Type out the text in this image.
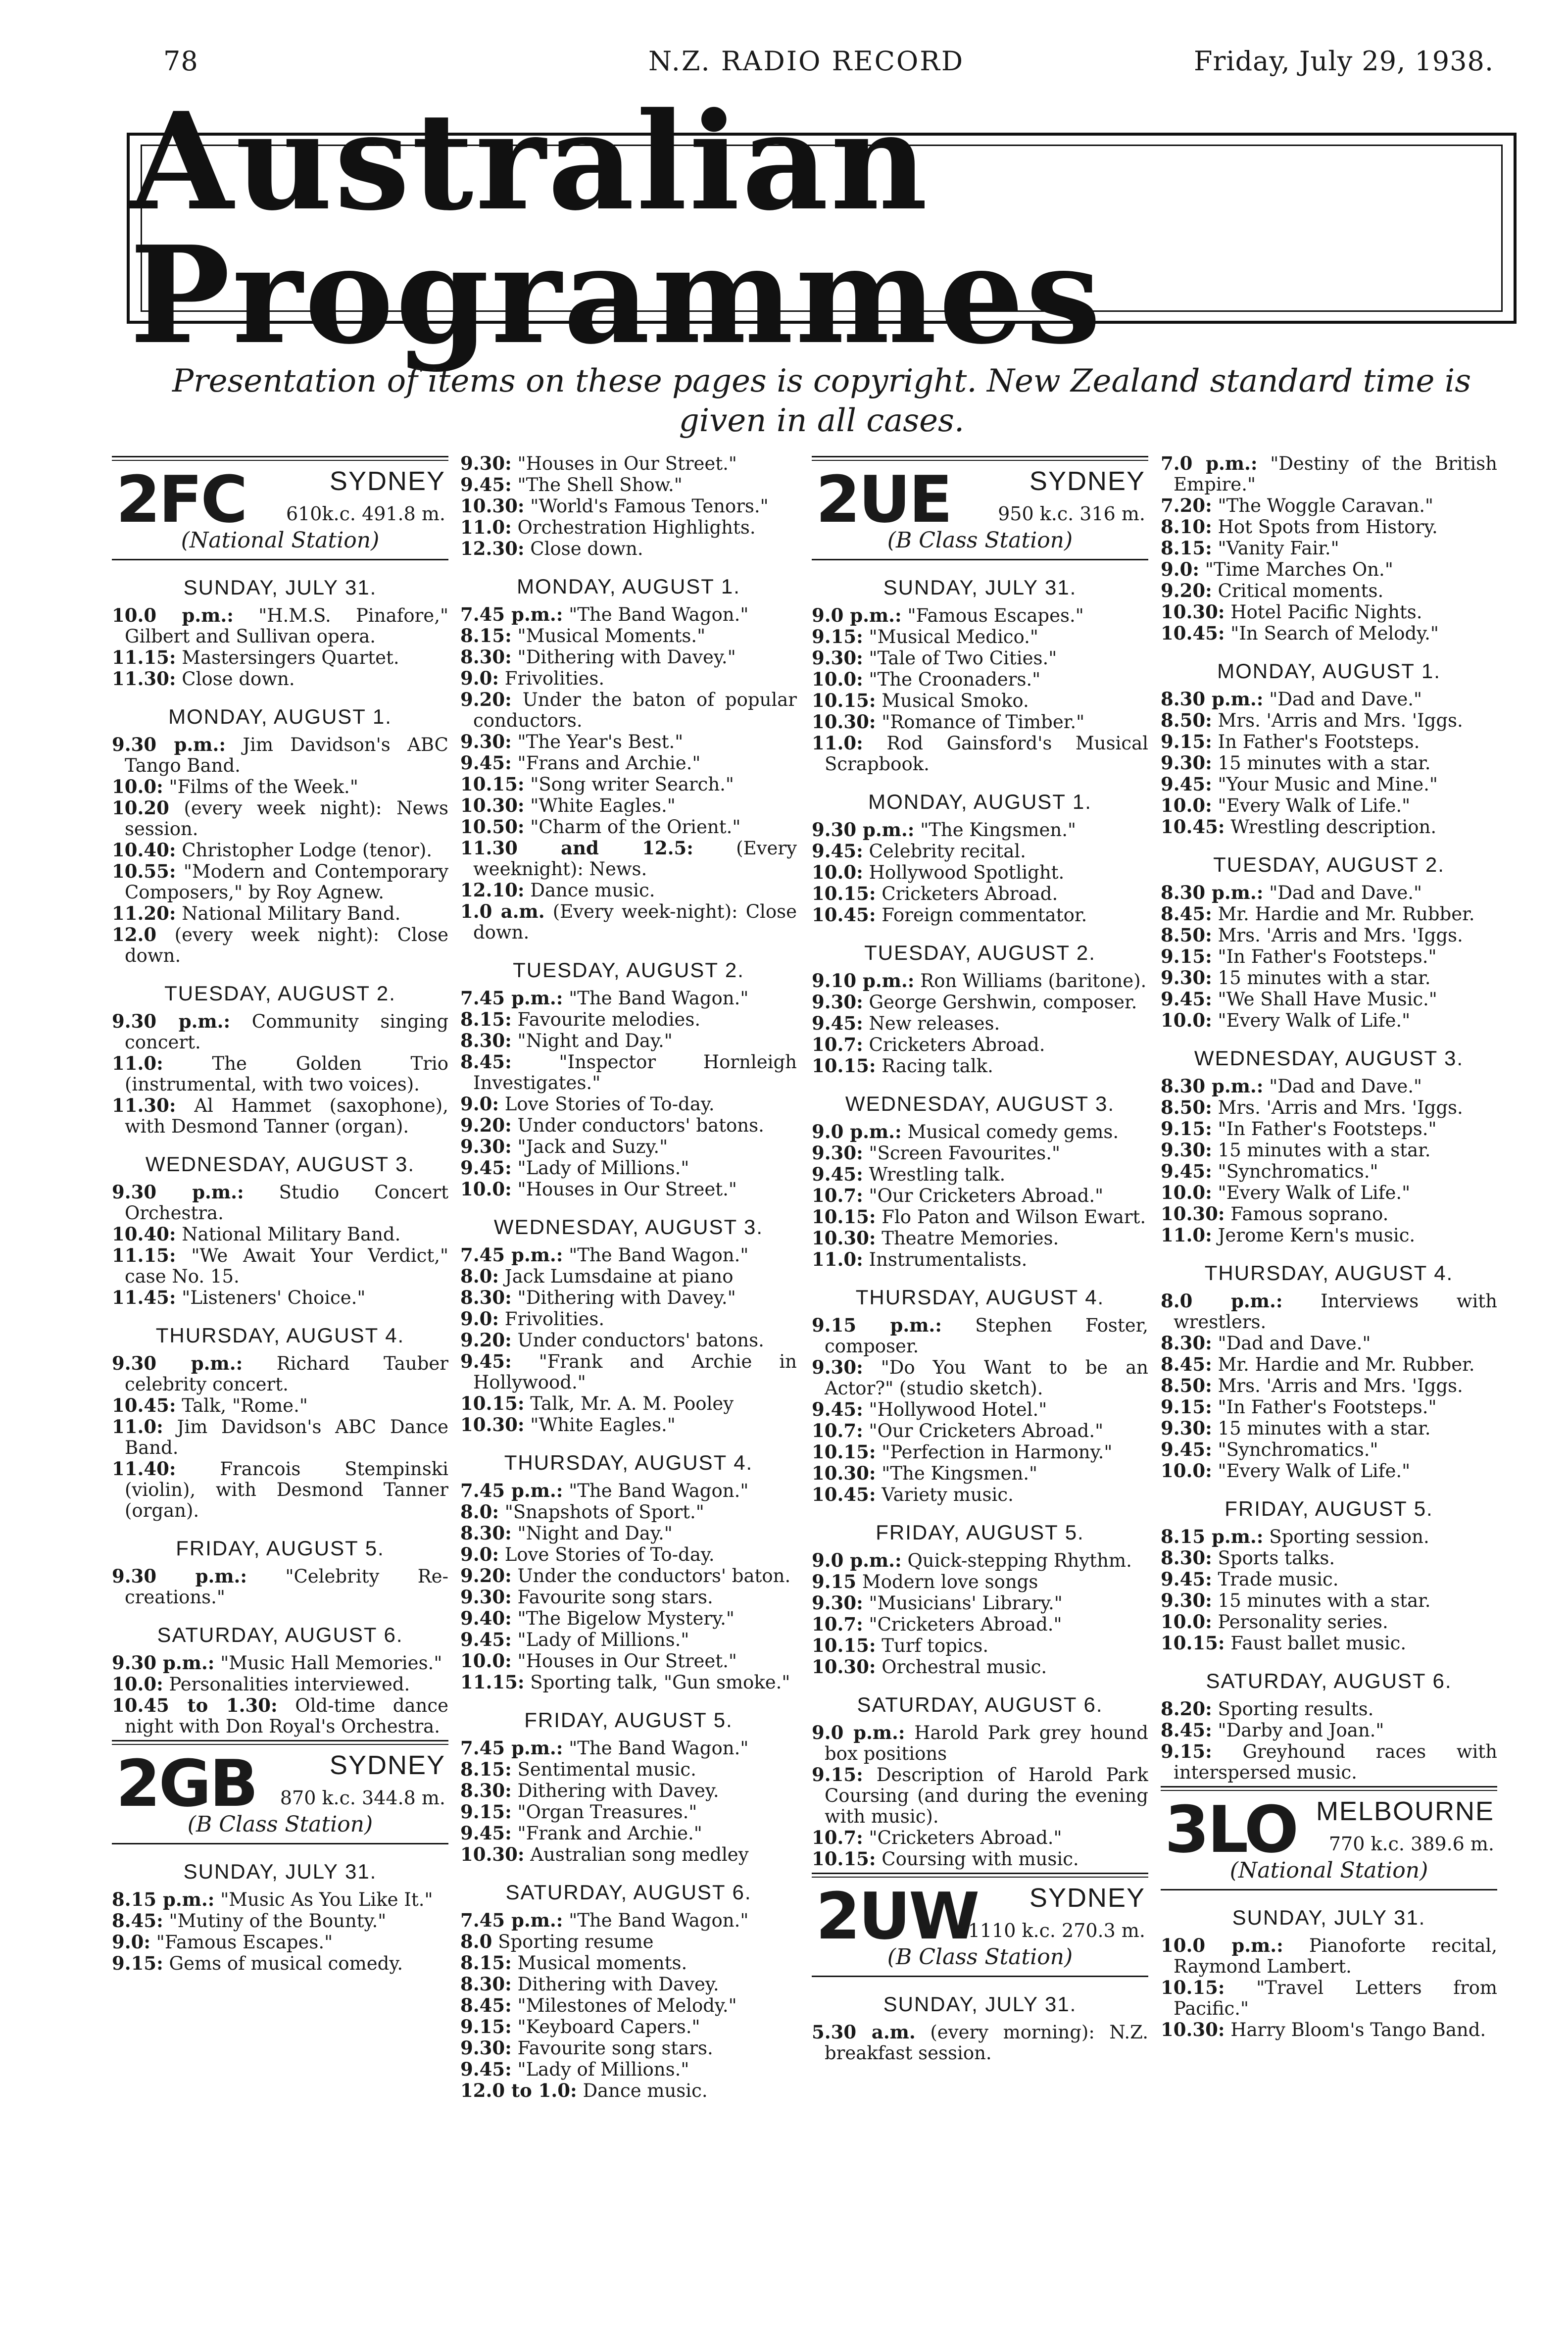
78	N.Z. RADIO RECORD	Friday, July 29, 1938.
Australian Programmes
Presentation of items on these pages is copyright. New Zealand standard time is given in all cases.
2FC	SYDNEY
610k.c. 491.8 m.
(National Station)
SUNDAY, JULY 31.
10.0 p.m.: "H.M.S. Pinafore," Gilbert and Sullivan opera.
11.15: Mastersingers Quartet.
11.30: Close down.
MONDAY, AUGUST 1.
9.30 p.m.: Jim Davidson's ABC Tango Band.
10.0: "Films of the Week."
10.20 (every week night): News session.
10.40: Christopher Lodge (tenor).
10.55: "Modern and Contemporary Composers," by Roy Agnew.
11.20: National Military Band.
12.0 (every week night): Close down.
TUESDAY, AUGUST 2.
9.30 p.m.: Community singing concert.
11.0:	The Golden Trio (instrumental, with two voices).
11.30: Al Hammet (saxophone), with Desmond Tanner (organ).
WEDNESDAY, AUGUST 3.
9.30 p.m.: Studio Concert Orchestra.
10.40: National Military Band.
11.15: "We Await Your Verdict," case No. 15.
11.45: "Listeners' Choice."
THURSDAY, AUGUST 4.
9.30 p.m.: Richard Tauber celebrity concert.
10.45: Talk, "Rome."
11.0: Jim Davidson's ABC Dance Band.
11.40: Francois Stempinski (violin), with Desmond Tanner (organ).
FRIDAY, AUGUST 5.
9.30 p.m.: "Celebrity Re-creations."
SATURDAY, AUGUST 6.
9.30 p.m.: "Music Hall Memories."
10.0: Personalities interviewed.
10.45 to 1.30: Old-time dance night with Don Royal's Orchestra.
2GB	SYDNEY
870 k.c. 344.8 m.
(B Class Station)
SUNDAY, JULY 31.
8.15 p.m.: "Music As You Like It."
8.45: "Mutiny of the Bounty."
9.0: "Famous Escapes."
9.15: Gems of musical comedy.
9.30: "Houses in Our Street."
9.45: "The Shell Show."
10.30: "World's Famous Tenors."
11.0: Orchestration Highlights.
12.30: Close down.
MONDAY, AUGUST 1.
7.45 p.m.: "The Band Wagon."
8.15: "Musical Moments."
8.30: "Dithering with Davey."
9.0: Frivolities.
9.20: Under the baton of popular conductors.
9.30: "The Year's Best."
9.45: "Frans and Archie."
10.15: "Song writer Search."
10.30: "White Eagles."
10.50: "Charm of the Orient."
11.30 and 12.5: (Every weeknight): News.
12.10: Dance music.
1.0 a.m. (Every week-night): Close down.
TUESDAY, AUGUST 2.
7.45 p.m.: "The Band Wagon."
8.15: Favourite melodies.
8.30: "Night and Day."
8.45:	"Inspector Hornleigh Investigates."
9.0: Love Stories of To-day.
9.20: Under conductors' batons.
9.30: "Jack and Suzy."
9.45: "Lady of Millions."
10.0: "Houses in Our Street."
WEDNESDAY, AUGUST 3.
7.45 p.m.: "The Band Wagon."
8.0: Jack Lumsdaine at piano
8.30: "Dithering with Davey."
9.0: Frivolities.
9.20: Under conductors' batons.
9.45: "Frank and Archie in Hollywood."
10.15: Talk, Mr. A. M. Pooley
10.30: "White Eagles."
THURSDAY, AUGUST 4.
7.45 p.m.: "The Band Wagon."
8.0: "Snapshots of Sport."
8.30: "Night and Day."
9.0: Love Stories of To-day.
9.20: Under the conductors' baton.
9.30: Favourite song stars.
9.40: "The Bigelow Mystery."
9.45: "Lady of Millions."
10.0: "Houses in Our Street."
11.15: Sporting talk, "Gun smoke."
FRIDAY, AUGUST 5.
7.45 p.m.: "The Band Wagon."
8.15: Sentimental music.
8.30: Dithering with Davey.
9.15: "Organ Treasures."
9.45: "Frank and Archie."
10.30: Australian song medley
SATURDAY, AUGUST 6.
7.45 p.m.: "The Band Wagon."
8.0 Sporting resume
8.15: Musical moments.
8.30: Dithering with Davey.
8.45: "Milestones of Melody."
9.15: "Keyboard Capers."
9.30: Favourite song stars.
9.45: "Lady of Millions."
12.0 to 1.0: Dance music.
2UE	SYDNEY
950 k.c. 316 m.
(B Class Station)
SUNDAY, JULY 31.
9.0 p.m.: "Famous Escapes."
9.15: "Musical Medico."
9.30: "Tale of Two Cities."
10.0: "The Croonaders."
10.15: Musical Smoko.
10.30: "Romance of Timber."
11.0: Rod Gainsford's Musical Scrapbook.
MONDAY, AUGUST 1.
9.30 p.m.: "The Kingsmen."
9.45: Celebrity recital.
10.0: Hollywood Spotlight.
10.15: Cricketers Abroad.
10.45: Foreign commentator.
TUESDAY, AUGUST 2.
9.10 p.m.: Ron Williams (baritone).
9.30: George Gershwin, composer.
9.45: New releases.
10.7: Cricketers Abroad.
10.15: Racing talk.
WEDNESDAY, AUGUST 3.
9.0 p.m.: Musical comedy gems.
9.30: "Screen Favourites."
9.45: Wrestling talk.
10.7: "Our Cricketers Abroad."
10.15: Flo Paton and Wilson Ewart.
10.30: Theatre Memories.
11.0: Instrumentalists.
THURSDAY, AUGUST 4.
9.15 p.m.: Stephen Foster, composer.
9.30: "Do You Want to be an Actor?" (studio sketch).
9.45: "Hollywood Hotel."
10.7: "Our Cricketers Abroad."
10.15: "Perfection in Harmony."
10.30: "The Kingsmen."
10.45: Variety music.
FRIDAY, AUGUST 5.
9.0 p.m.: Quick-stepping Rhythm.
9.15 Modern love songs
9.30: "Musicians' Library."
10.7: "Cricketers Abroad."
10.15: Turf topics.
10.30: Orchestral music.
SATURDAY, AUGUST 6.
9.0 p.m.: Harold Park grey hound box positions
9.15: Description of Harold Park Coursing (and during the evening with music).
10.7: "Cricketers Abroad."
10.15: Coursing with music.
2UW SYDNEY
1110 k.c. 270.3 m.
(B Class Station)
SUNDAY, JULY 31.
5.30 a.m. (every morning): N.Z. breakfast session.
7.0 p.m.: "Destiny of the British Empire."
7.20: "The Woggle Caravan."
8.10: Hot Spots from History.
8.15: "Vanity Fair."
9.0: "Time Marches On."
9.20: Critical moments.
10.30: Hotel Pacific Nights.
10.45: "In Search of Melody."
MONDAY, AUGUST 1.
8.30 p.m.: "Dad and Dave."
8.50: Mrs. 'Arris and Mrs. 'Iggs.
9.15: In Father's Footsteps.
9.30: 15 minutes with a star.
9.45: "Your Music and Mine."
10.0: "Every Walk of Life."
10.45: Wrestling description.
TUESDAY, AUGUST 2.
8.30 p.m.: "Dad and Dave."
8.45: Mr. Hardie and Mr. Rubber.
8.50: Mrs. 'Arris and Mrs. 'Iggs.
9.15: "In Father's Footsteps."
9.30: 15 minutes with a star.
9.45: "We Shall Have Music."
10.0: "Every Walk of Life."
WEDNESDAY, AUGUST 3.
8.30 p.m.: "Dad and Dave."
8.50: Mrs. 'Arris and Mrs. 'Iggs.
9.15: "In Father's Footsteps."
9.30: 15 minutes with a star.
9.45: "Synchromatics."
10.0: "Every Walk of Life."
10.30: Famous soprano.
11.0: Jerome Kern's music.
THURSDAY, AUGUST 4.
8.0 p.m.: Interviews with wrestlers.
8.30: "Dad and Dave."
8.45: Mr. Hardie and Mr. Rubber.
8.50: Mrs. 'Arris and Mrs. 'Iggs.
9.15: "In Father's Footsteps."
9.30: 15 minutes with a star.
9.45: "Synchromatics."
10.0: "Every Walk of Life."
FRIDAY, AUGUST 5.
8.15 p.m.: Sporting session.
8.30: Sports talks.
9.45: Trade music.
9.30: 15 minutes with a star.
10.0: Personality series.
10.15: Faust ballet music.
SATURDAY, AUGUST 6.
8.20: Sporting results.
8.45: "Darby and Joan."
9.15: Greyhound races with interspersed music.
3LO MELBOURNE
770 k.c. 389.6 m.
(National Station)
SUNDAY, JULY 31.
10.0 p.m.: Pianoforte recital, Raymond Lambert.
10.15: "Travel Letters from Pacific."
10.30: Harry Bloom's Tango Band.
